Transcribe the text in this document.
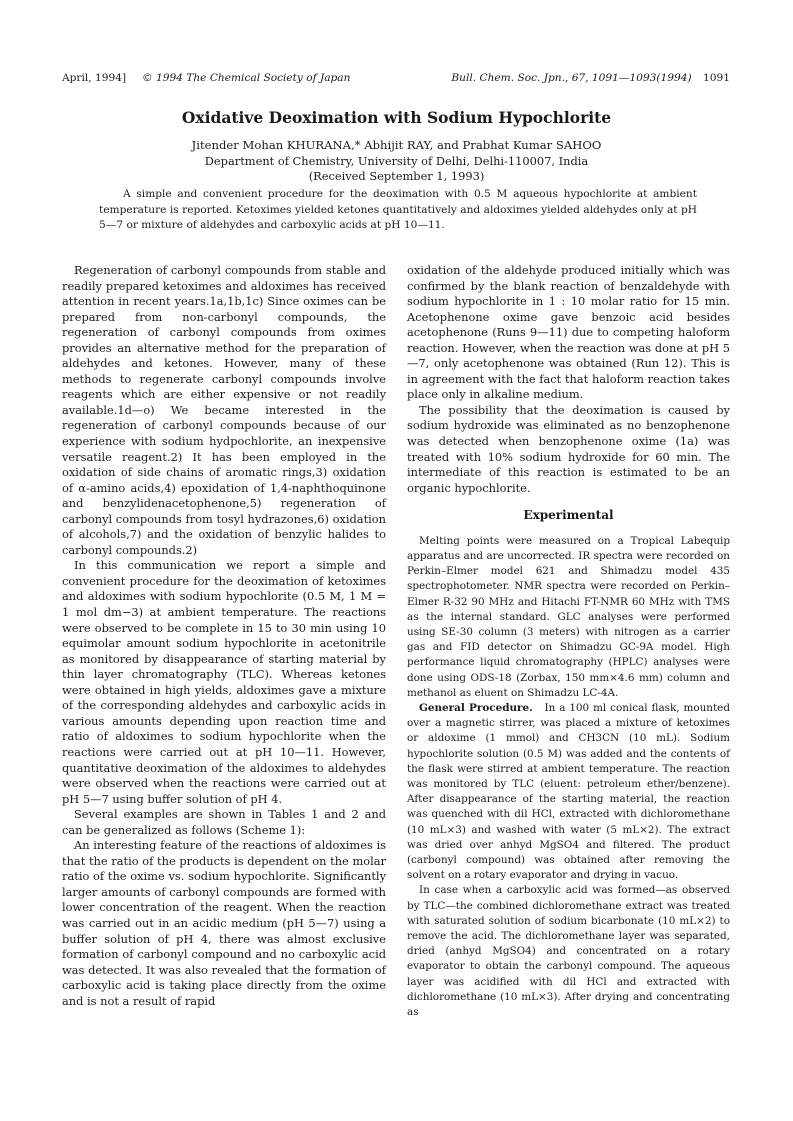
April, 1994] © 1994 The Chemical Society of Japan	Bull. Chem. Soc. Jpn., 67, 1091—1093(1994) 1091
Oxidative Deoximation with Sodium Hypochlorite
Jitender Mohan KHURANA,* Abhijit RAY, and Prabhat Kumar SAHOO
Department of Chemistry, University of Delhi, Delhi-110007, India
(Received September 1, 1993)

A simple and convenient procedure for the deoximation with 0.5 M aqueous hypochlorite at ambient temperature is reported. Ketoximes yielded ketones quantitatively and aldoximes yielded aldehydes only at pH 5—7 or mixture of aldehydes and carboxylic acids at pH 10—11.

Regeneration of carbonyl compounds from stable and readily prepared ketoximes and aldoximes has received attention in recent years.1a,1b,1c) Since oximes can be prepared from non-carbonyl compounds, the regeneration of carbonyl compounds from oximes provides an alternative method for the preparation of aldehydes and ketones. However, many of these methods to regenerate carbonyl compounds involve reagents which are either expensive or not readily available.1d—o) We became interested in the regeneration of carbonyl compounds because of our experience with sodium hydpochlorite, an inexpensive versatile reagent.2) It has been employed in the oxidation of side chains of aromatic rings,3) oxidation of α-amino acids,4) epoxidation of 1,4-naphthoquinone and benzylidenacetophenone,5) regeneration of carbonyl compounds from tosyl hydrazones,6) oxidation of alcohols,7) and the oxidation of benzylic halides to carbonyl compounds.2)

In this communication we report a simple and convenient procedure for the deoximation of ketoximes and aldoximes with sodium hypochlorite (0.5 M, 1 M = 1 mol dm−3) at ambient temperature. The reactions were observed to be complete in 15 to 30 min using 10 equimolar amount sodium hypochlorite in acetonitrile as monitored by disappearance of starting material by thin layer chromatography (TLC). Whereas ketones were obtained in high yields, aldoximes gave a mixture of the corresponding aldehydes and carboxylic acids in various amounts depending upon reaction time and ratio of aldoximes to sodium hypochlorite when the reactions were carried out at pH 10—11. However, quantitative deoximation of the aldoximes to aldehydes were observed when the reactions were carried out at pH 5—7 using buffer solution of pH 4.

Several examples are shown in Tables 1 and 2 and can be generalized as follows (Scheme 1):

An interesting feature of the reactions of aldoximes is that the ratio of the products is dependent on the molar ratio of the oxime vs. sodium hypochlorite. Significantly larger amounts of carbonyl compounds are formed with lower concentration of the reagent. When the reaction was carried out in an acidic medium (pH 5—7) using a buffer solution of pH 4, there was almost exclusive formation of carbonyl compound and no carboxylic acid was detected. It was also revealed that the formation of carboxylic acid is taking place directly from the oxime and is not a result of rapid

oxidation of the aldehyde produced initially which was confirmed by the blank reaction of benzaldehyde with sodium hypochlorite in 1 : 10 molar ratio for 15 min. Acetophenone oxime gave benzoic acid besides acetophenone (Runs 9—11) due to competing haloform reaction. However, when the reaction was done at pH 5—7, only acetophenone was obtained (Run 12). This is in agreement with the fact that haloform reaction takes place only in alkaline medium.

The possibility that the deoximation is caused by sodium hydroxide was eliminated as no benzophenone was detected when benzophenone oxime (1a) was treated with 10% sodium hydroxide for 60 min. The intermediate of this reaction is estimated to be an organic hypochlorite.

Experimental

Melting points were measured on a Tropical Labequip apparatus and are uncorrected. IR spectra were recorded on Perkin–Elmer model 621 and Shimadzu model 435 spectrophotometer. NMR spectra were recorded on Perkin–Elmer R-32 90 MHz and Hitachi FT-NMR 60 MHz with TMS as the internal standard. GLC analyses were performed using SE-30 column (3 meters) with nitrogen as a carrier gas and FID detector on Shimadzu GC-9A model. High performance liquid chromatography (HPLC) analyses were done using ODS-18 (Zorbax, 150 mm×4.6 mm) column and methanol as eluent on Shimadzu LC-4A.

General Procedure. In a 100 ml conical flask, mounted over a magnetic stirrer, was placed a mixture of ketoximes or aldoxime (1 mmol) and CH3CN (10 mL). Sodium hypochlorite solution (0.5 M) was added and the contents of the flask were stirred at ambient temperature. The reaction was monitored by TLC (eluent: petroleum ether/benzene). After disappearance of the starting material, the reaction was quenched with dil HCl, extracted with dichloromethane (10 mL×3) and washed with water (5 mL×2). The extract was dried over anhyd MgSO4 and filtered. The product (carbonyl compound) was obtained after removing the solvent on a rotary evaporator and drying in vacuo.

In case when a carboxylic acid was formed—as observed by TLC—the combined dichloromethane extract was treated with saturated solution of sodium bicarbonate (10 mL×2) to remove the acid. The dichloromethane layer was separated, dried (anhyd MgSO4) and concentrated on a rotary evaporator to obtain the carbonyl compound. The aqueous layer was acidified with dil HCl and extracted with dichloromethane (10 mL×3). After drying and concentrating as
